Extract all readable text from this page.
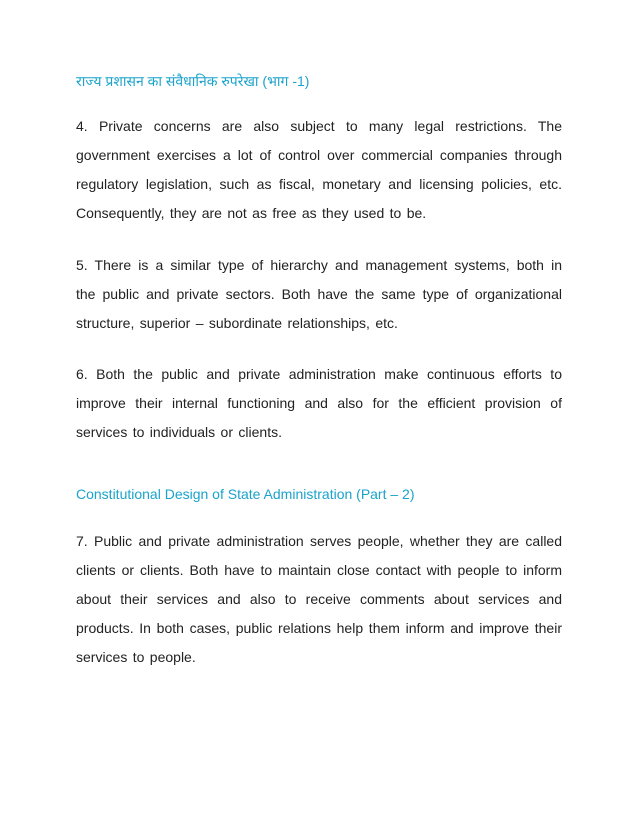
राज्य प्रशासन का संवैधानिक रुपरेखा (भाग -1)

4. Private concerns are also subject to many legal restrictions. The government exercises a lot of control over commercial companies through regulatory legislation, such as fiscal, monetary and licensing policies, etc. Consequently, they are not as free as they used to be.

5. There is a similar type of hierarchy and management systems, both in the public and private sectors. Both have the same type of organizational structure, superior – subordinate relationships, etc.

6. Both the public and private administration make continuous efforts to improve their internal functioning and also for the efficient provision of services to individuals or clients.

Constitutional Design of State Administration (Part – 2)

7. Public and private administration serves people, whether they are called clients or clients. Both have to maintain close contact with people to inform about their services and also to receive comments about services and products. In both cases, public relations help them inform and improve their services to people.
